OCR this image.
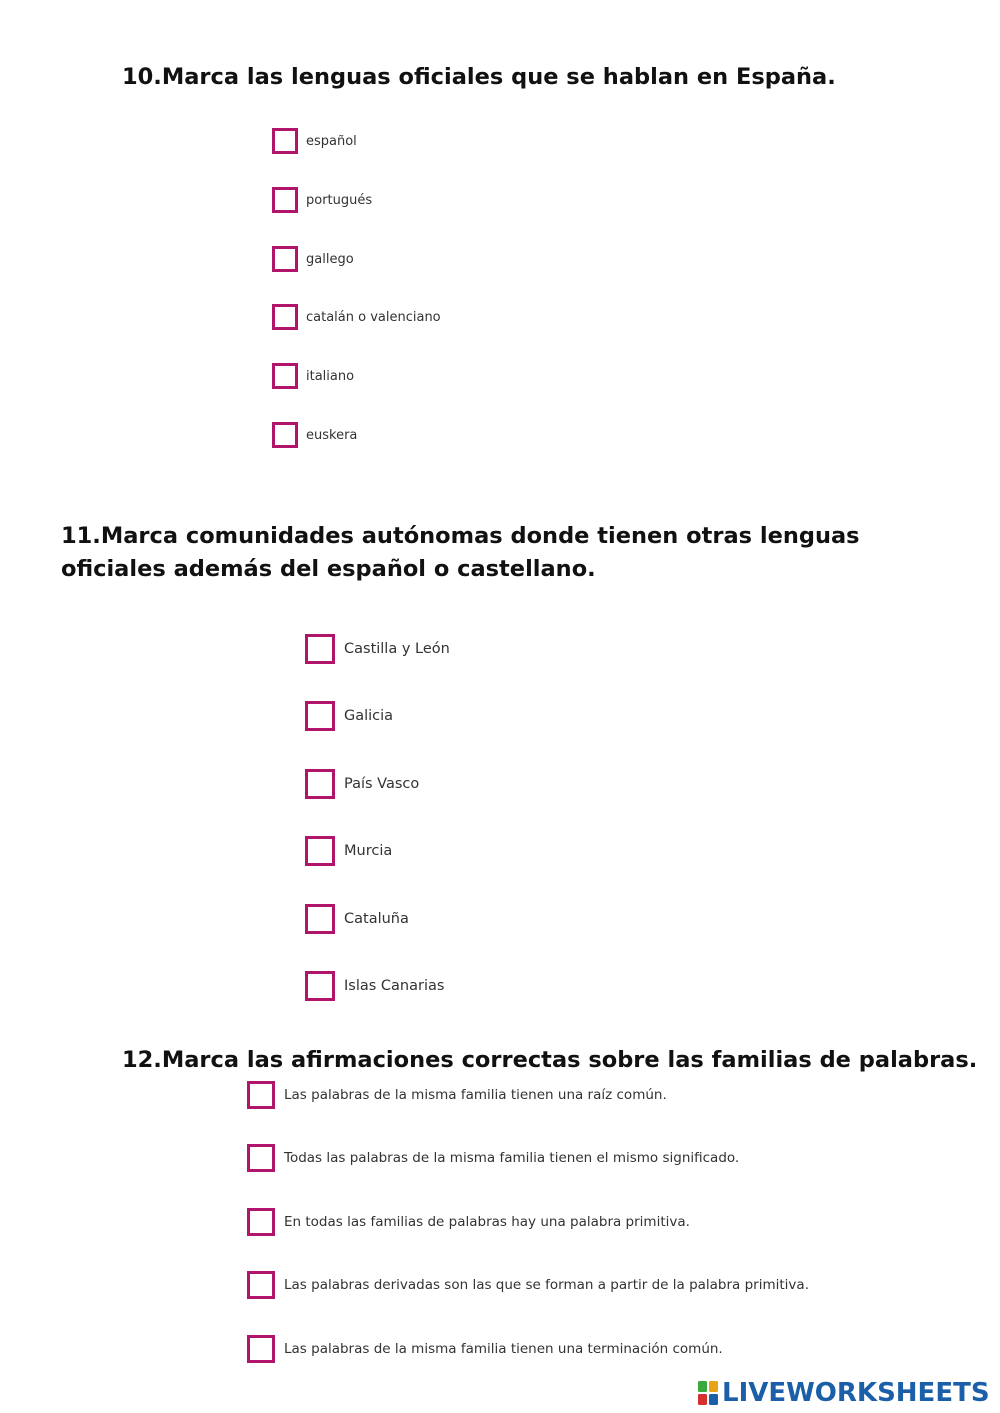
10.Marca las lenguas oficiales que se hablan en España.
español
portugués
gallego
catalán o valenciano
italiano
euskera
11.Marca comunidades autónomas donde tienen otras lenguas oficiales además del español o castellano.
Castilla y León
Galicia
País Vasco
Murcia
Cataluña
Islas Canarias
12.Marca las afirmaciones correctas sobre las familias de palabras.
Las palabras de la misma familia tienen una raíz común.
Todas las palabras de la misma familia tienen el mismo significado.
En todas las familias de palabras hay una palabra primitiva.
Las palabras derivadas son las que se forman a partir de la palabra primitiva.
Las palabras de la misma familia tienen una terminación común.
LIVEWORKSHEETS
